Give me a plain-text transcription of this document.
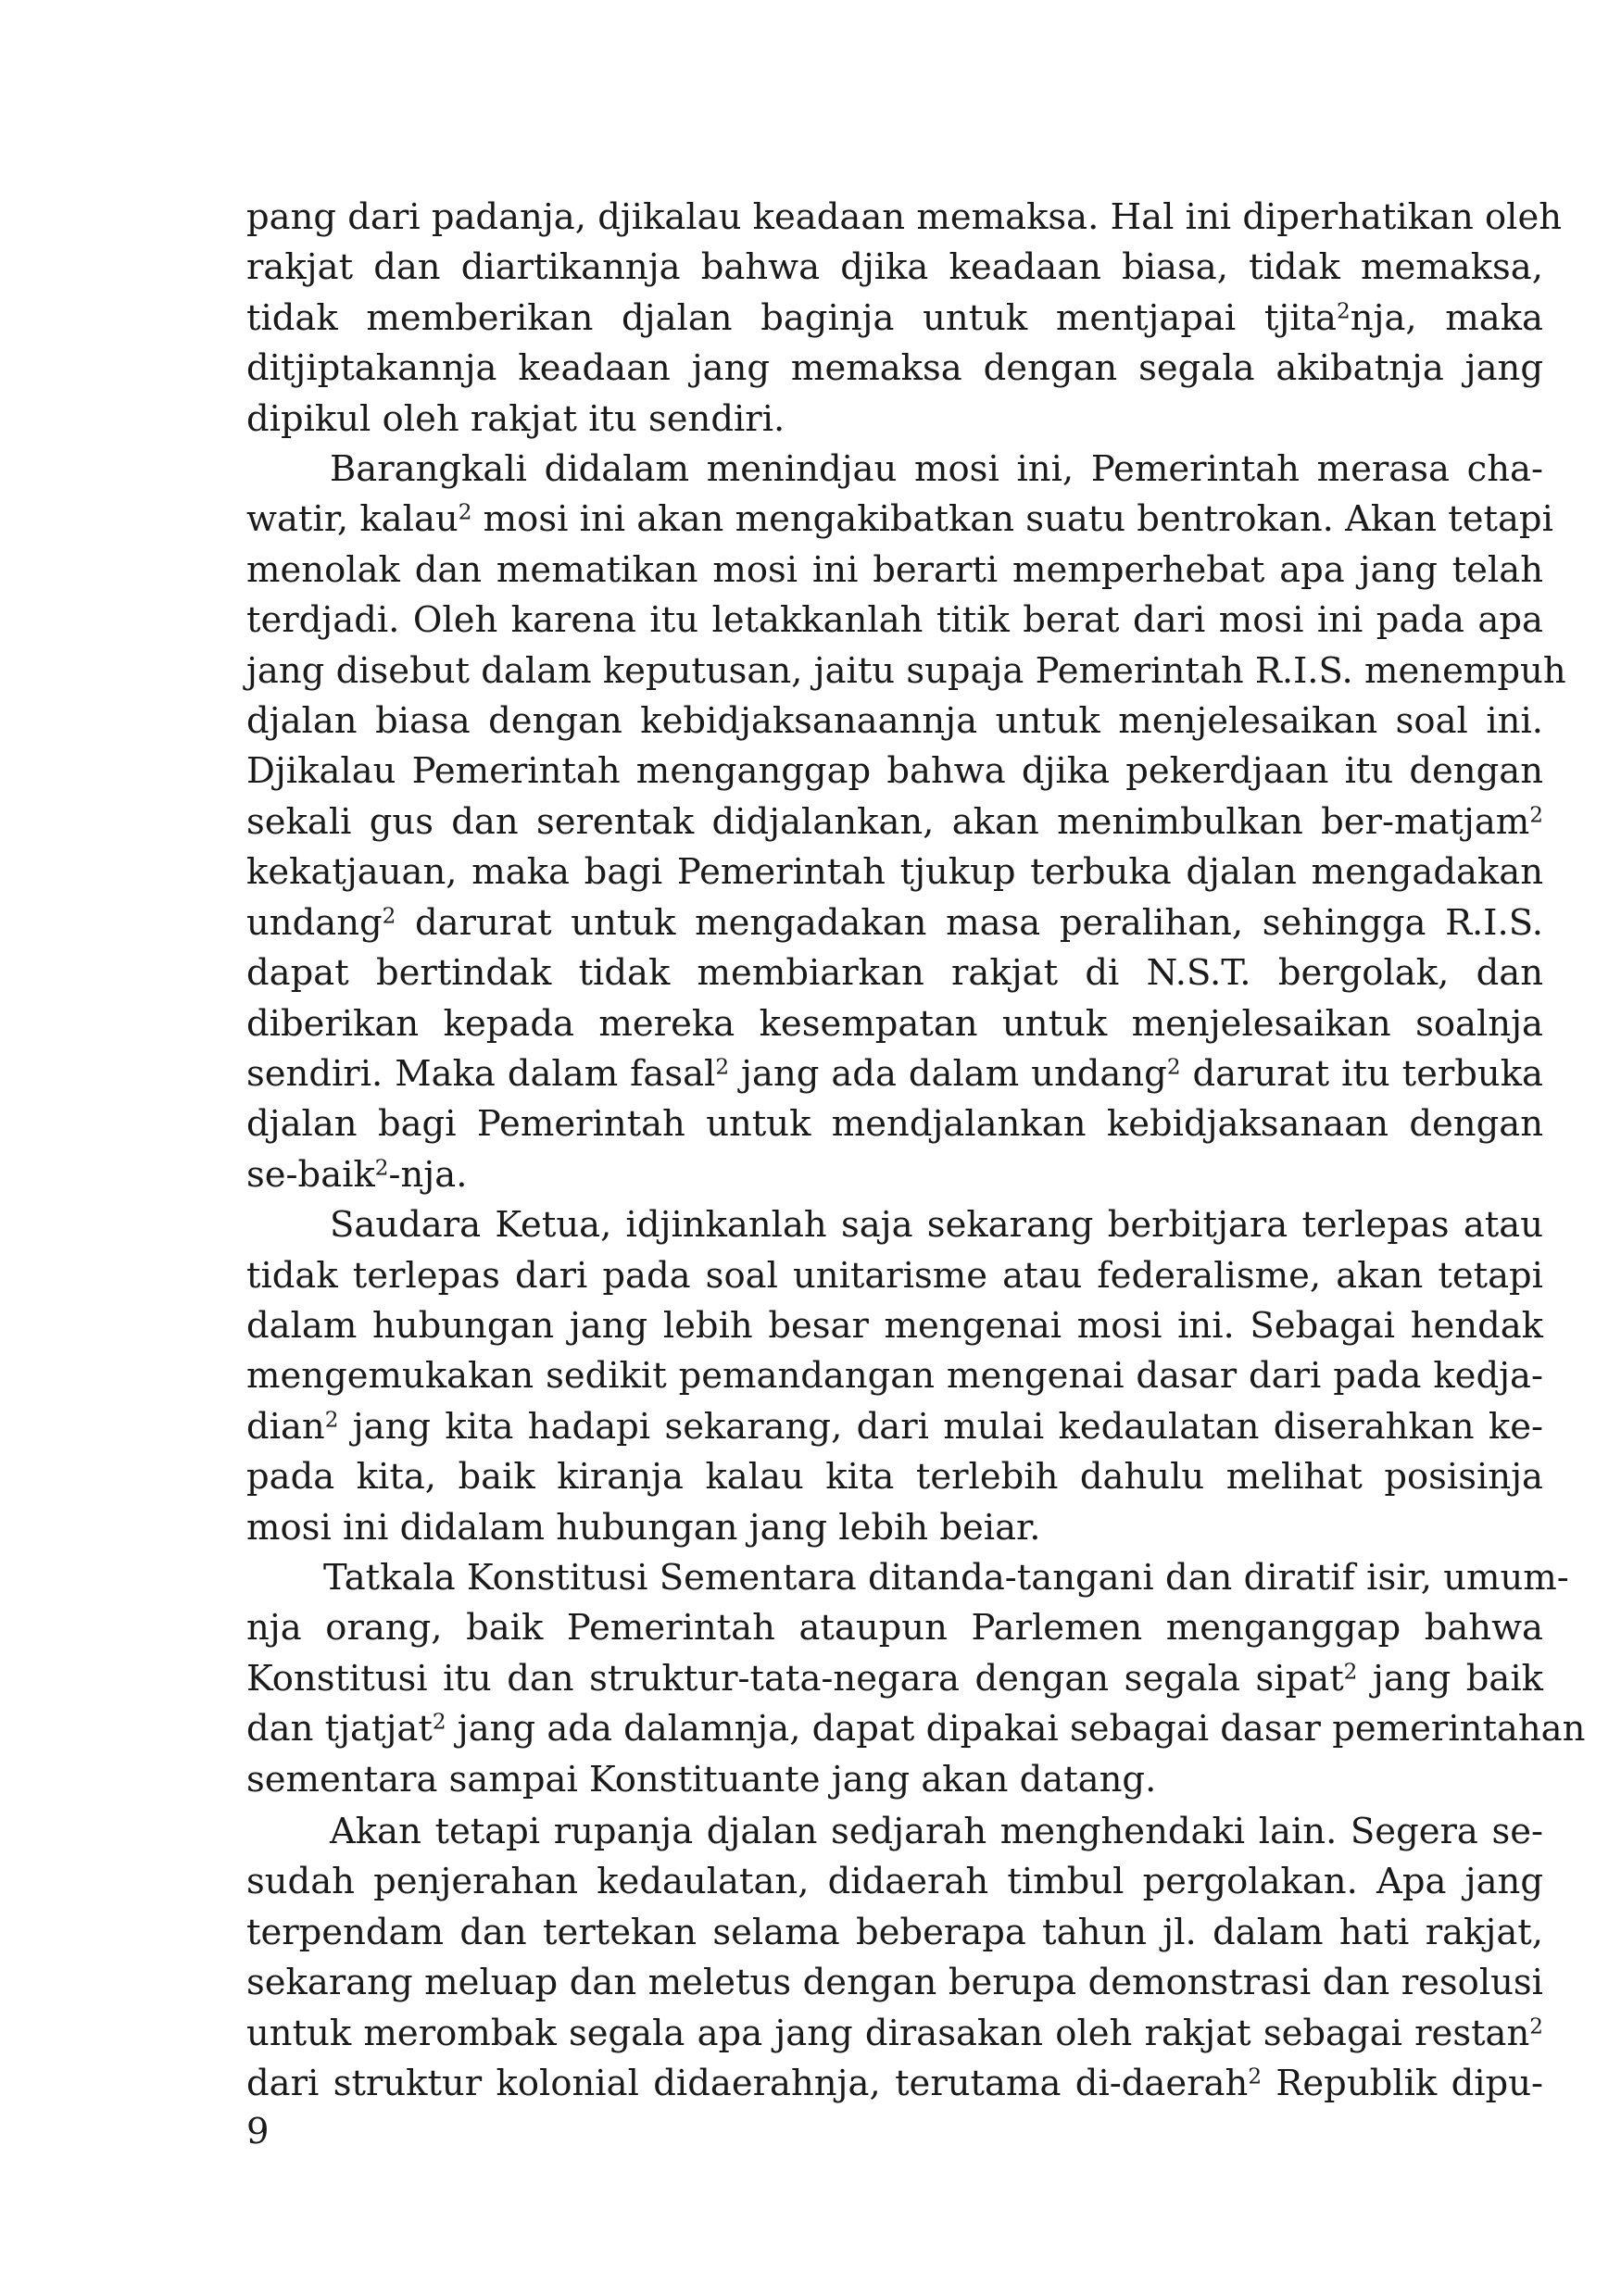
pang dari padanja, djikalau keadaan memaksa. Hal ini diperhatikan oleh

rakjat dan diartikannja bahwa djika keadaan biasa, tidak memaksa,

tidak memberikan djalan baginja untuk mentjapai tjita$^2$nja, maka

ditjiptakannja keadaan jang memaksa dengan segala akibatnja jang

dipikul oleh rakjat itu sendiri.

Barangkali didalam menindjau mosi ini, Pemerintah merasa cha-

watir, kalau$^2$ mosi ini akan mengakibatkan suatu bentrokan. Akan tetapi

menolak dan mematikan mosi ini berarti memperhebat apa jang telah

terdjadi. Oleh karena itu letakkanlah titik berat dari mosi ini pada apa

jang disebut dalam keputusan, jaitu supaja Pemerintah R.I.S. menempuh

djalan biasa dengan kebidjaksanaannja untuk menjelesaikan soal ini.

Djikalau Pemerintah menganggap bahwa djika pekerdjaan itu dengan

sekali gus dan serentak didjalankan, akan menimbulkan ber-matjam$^2$

kekatjauan, maka bagi Pemerintah tjukup terbuka djalan mengadakan

undang$^2$ darurat untuk mengadakan masa peralihan, sehingga R.I.S.

dapat bertindak tidak membiarkan rakjat di N.S.T. bergolak, dan

diberikan kepada mereka kesempatan untuk menjelesaikan soalnja

sendiri. Maka dalam fasal$^2$ jang ada dalam undang$^2$ darurat itu terbuka

djalan bagi Pemerintah untuk mendjalankan kebidjaksanaan dengan

se-baik$^2$-nja.

Saudara Ketua, idjinkanlah saja sekarang berbitjara terlepas atau

tidak terlepas dari pada soal unitarisme atau federalisme, akan tetapi

dalam hubungan jang lebih besar mengenai mosi ini. Sebagai hendak

mengemukakan sedikit pemandangan mengenai dasar dari pada kedja-

dian$^2$ jang kita hadapi sekarang, dari mulai kedaulatan diserahkan ke-

pada kita, baik kiranja kalau kita terlebih dahulu melihat posisinja

mosi ini didalam hubungan jang lebih beiar.

Tatkala Konstitusi Sementara ditanda-tangani dan diratif isir, umum-

nja orang, baik Pemerintah ataupun Parlemen menganggap bahwa

Konstitusi itu dan struktur-tata-negara dengan segala sipat$^2$ jang baik

dan tjatjat$^2$ jang ada dalamnja, dapat dipakai sebagai dasar pemerintahan

sementara sampai Konstituante jang akan datang.

Akan tetapi rupanja djalan sedjarah menghendaki lain. Segera se-

sudah penjerahan kedaulatan, didaerah timbul pergolakan. Apa jang

terpendam dan tertekan selama beberapa tahun jl. dalam hati rakjat,

sekarang meluap dan meletus dengan berupa demonstrasi dan resolusi

untuk merombak segala apa jang dirasakan oleh rakjat sebagai restan$^2$

dari struktur kolonial didaerahnja, terutama di-daerah$^2$ Republik dipu-

9
